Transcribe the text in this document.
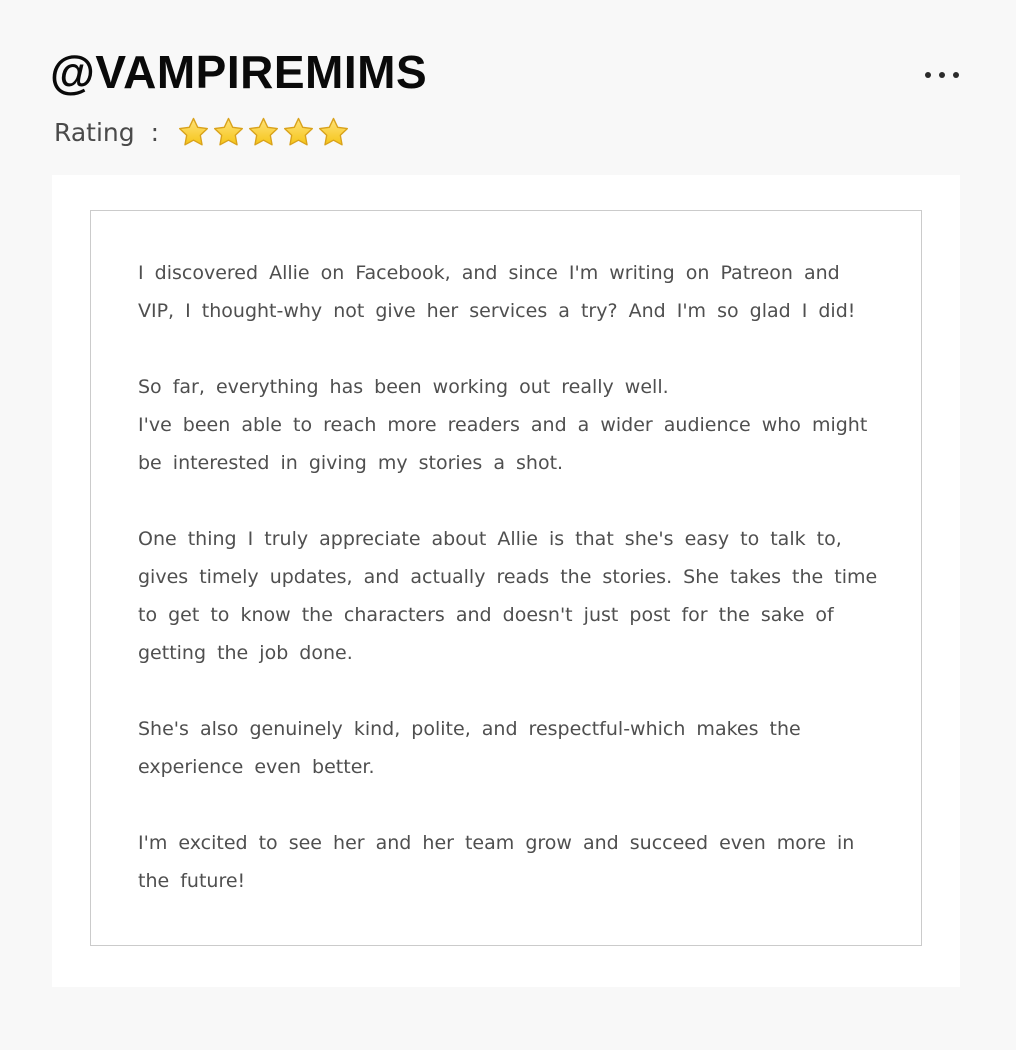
@VAMPIREMIMS
Rating :

I discovered Allie on Facebook, and since I'm writing on Patreon and
VIP, I thought-why not give her services a try? And I'm so glad I did!

So far, everything has been working out really well.
I've been able to reach more readers and a wider audience who might
be interested in giving my stories a shot.

One thing I truly appreciate about Allie is that she's easy to talk to,
gives timely updates, and actually reads the stories. She takes the time
to get to know the characters and doesn't just post for the sake of
getting the job done.

She's also genuinely kind, polite, and respectful-which makes the
experience even better.

I'm excited to see her and her team grow and succeed even more in
the future!
